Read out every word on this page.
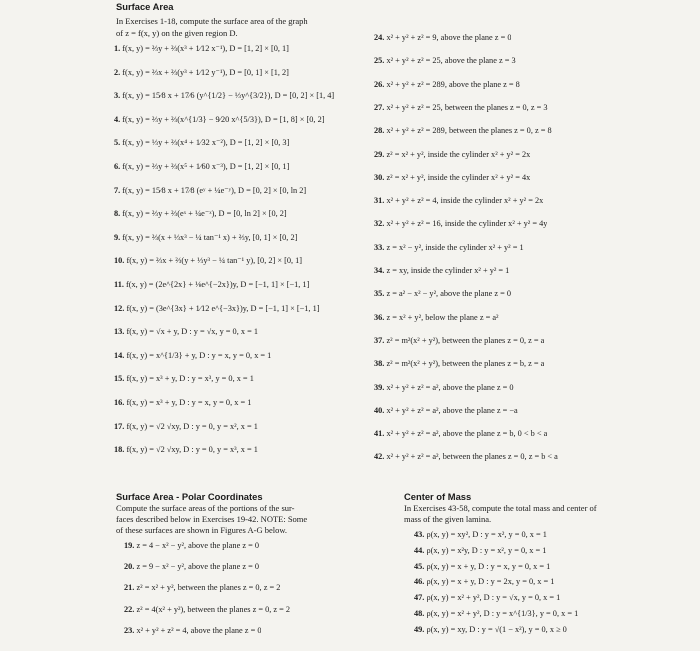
Surface Area
In Exercises 1-18, compute the surface area of the graph
of z = f(x, y) on the given region D.
1. f(x, y) = ⅔y + ⅔(x³ + 1⁄12 x⁻¹), D = [1, 2] × [0, 1]
2. f(x, y) = ⅔x + ⅔(y³ + 1⁄12 y⁻¹), D = [0, 1] × [1, 2]
3. f(x, y) = 15⁄8 x + 17⁄6 (y^{1/2} − ⅓y^{3/2}), D = [0, 2] × [1, 4]
4. f(x, y) = ⅔y + ⅔(x^{1/3} − 9⁄20 x^{5/3}), D = [1, 8] × [0, 2]
5. f(x, y) = ⅓y + ⅔(x⁴ + 1⁄32 x⁻²), D = [1, 2] × [0, 3]
6. f(x, y) = ⅔y + ⅔(x⁵ + 1⁄60 x⁻³), D = [1, 2] × [0, 1]
7. f(x, y) = 15⁄8 x + 17⁄8 (eʸ + ¼e⁻ʸ), D = [0, 2] × [0, ln 2]
8. f(x, y) = ⅔y + ⅔(eˣ + ¼e⁻ˣ), D = [0, ln 2] × [0, 2]
9. f(x, y) = ⅔(x + ⅓x³ − ¼ tan⁻¹ x) + ⅔y, [0, 1] × [0, 2]
10. f(x, y) = ⅔x + ⅔(y + ⅓y³ − ¼ tan⁻¹ y), [0, 2] × [0, 1]
11. f(x, y) = (2e^{2x} + ⅛e^{−2x})y, D = [−1, 1] × [−1, 1]
12. f(x, y) = (3e^{3x} + 1⁄12 e^{−3x})y, D = [−1, 1] × [−1, 1]
13. f(x, y) = √x + y, D : y = √x, y = 0, x = 1
14. f(x, y) = x^{1/3} + y, D : y = x, y = 0, x = 1
15. f(x, y) = x³ + y, D : y = x³, y = 0, x = 1
16. f(x, y) = x³ + y, D : y = x, y = 0, x = 1
17. f(x, y) = √2 √xy, D : y = 0, y = x², x = 1
18. f(x, y) = √2 √xy, D : y = 0, y = x³, x = 1
24. x² + y² + z² = 9, above the plane z = 0
25. x² + y² + z² = 25, above the plane z = 3
26. x² + y² + z² = 289, above the plane z = 8
27. x² + y² + z² = 25, between the planes z = 0, z = 3
28. x² + y² + z² = 289, between the planes z = 0, z = 8
29. z² = x² + y², inside the cylinder x² + y² = 2x
30. z² = x² + y², inside the cylinder x² + y² = 4x
31. x² + y² + z² = 4, inside the cylinder x² + y² = 2x
32. x² + y² + z² = 16, inside the cylinder x² + y² = 4y
33. z = x² − y², inside the cylinder x² + y² = 1
34. z = xy, inside the cylinder x² + y² = 1
35. z = a² − x² − y², above the plane z = 0
36. z = x² + y², below the plane z = a²
37. z² = m²(x² + y²), between the planes z = 0, z = a
38. z² = m²(x² + y²), between the planes z = b, z = a
39. x² + y² + z² = a², above the plane z = 0
40. x² + y² + z² = a², above the plane z = −a
41. x² + y² + z² = a², above the plane z = b, 0 < b < a
42. x² + y² + z² = a², between the planes z = 0, z = b < a
Surface Area - Polar Coordinates
Compute the surface areas of the portions of the sur-
faces described below in Exercises 19-42. NOTE: Some
of these surfaces are shown in Figures A-G below.
19. z = 4 − x² − y², above the plane z = 0
20. z = 9 − x² − y², above the plane z = 0
21. z² = x² + y², between the planes z = 0, z = 2
22. z² = 4(x² + y²), between the planes z = 0, z = 2
23. x² + y² + z² = 4, above the plane z = 0
Center of Mass
In Exercises 43-58, compute the total mass and center of
mass of the given lamina.
43. ρ(x, y) = xy², D : y = x², y = 0, x = 1
44. ρ(x, y) = x²y, D : y = x², y = 0, x = 1
45. ρ(x, y) = x + y, D : y = x, y = 0, x = 1
46. ρ(x, y) = x + y, D : y = 2x, y = 0, x = 1
47. ρ(x, y) = x² + y², D : y = √x, y = 0, x = 1
48. ρ(x, y) = x² + y², D : y = x^{1/3}, y = 0, x = 1
49. ρ(x, y) = xy, D : y = √(1 − x²), y = 0, x ≥ 0
